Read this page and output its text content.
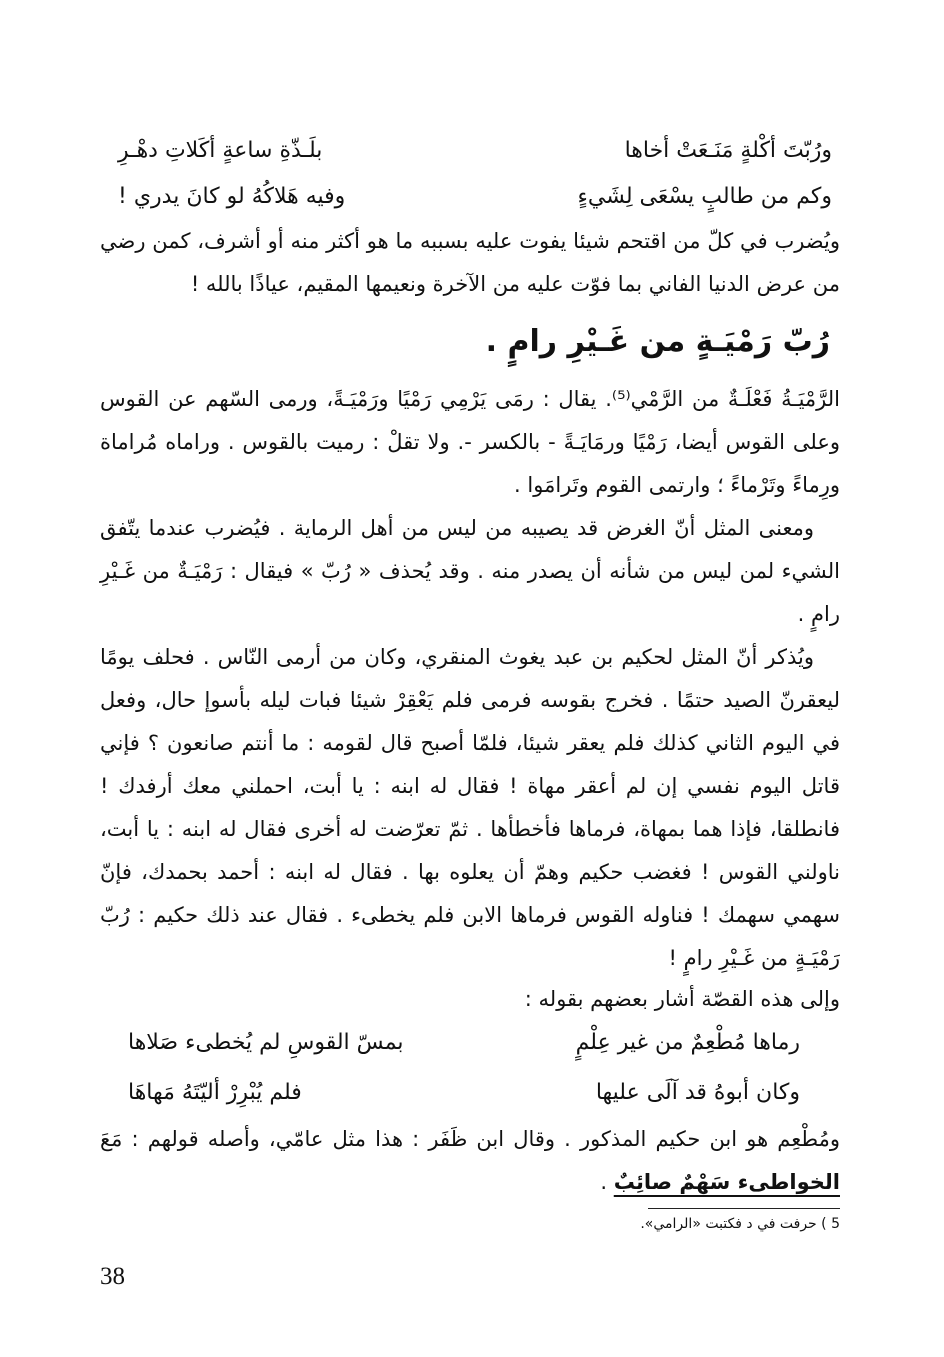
ورُبّتَ أكْلةٍ مَنَـعَتْ أخاها
بلَـذّةِ ساعةٍ أكَلاتِ دهْـرِ
وكم من طالبٍ يسْعَى لِشَيءٍ
وفيه هَلاكُهُ لو كانَ يدري !

ويُضرب في كلّ من اقتحم شيئا يفوت عليه بسببه ما هو أكثر منه أو أشرف، كمن رضي من عرض الدنيا الفاني بما فوّت عليه من الآخرة ونعيمها المقيم، عياذًا بالله !

رُبّ رَمْيَـةٍ من غَـيْرِ رامٍ .

الرَّمْيَـةُ فَعْلَـةٌ من الرَّمْي⁽⁵⁾. يقال : رمَى يَرْمِي رَمْيًا ورَمْيَـةً، ورمى السّهم عن القوس وعلى القوس أيضا، رَمْيًا ورمَايَـةً - بالكسر -. ولا تقلْ : رميت بالقوس . وراماه مُراماة ورِماءً وتَرْماءً ؛ وارتمى القوم وتَرامَوا .

ومعنى المثل أنّ الغرض قد يصيبه من ليس من أهل الرماية . فيُضرب عندما يتّفق الشيء لمن ليس من شأنه أن يصدر منه . وقد يُحذف « رُبّ » فيقال : رَمْيَـةٌ من غَـيْرِ رامٍ .

ويُذكر أنّ المثل لحكيم بن عبد يغوث المنقري، وكان من أرمى النّاس . فحلف يومًا ليعقرنّ الصيد حتمًا . فخرج بقوسه فرمى فلم يَعْقِرْ شيئا فبات ليله بأسوإ حال، وفعل في اليوم الثاني كذلك فلم يعقر شيئا، فلمّا أصبح قال لقومه : ما أنتم صانعون ؟ فإني قاتل اليوم نفسي إن لم أعقر مهاة ! فقال له ابنه : يا أبت، احملني معك أرفدك ! فانطلقا، فإذا هما بمهاة، فرماها فأخطأها . ثمّ تعرّضت له أخرى فقال له ابنه : يا أبت، ناولني القوس ! فغضب حكيم وهمّ أن يعلوه بها . فقال له ابنه : أحمد بحمدك، فإنّ سهمي سهمك ! فناوله القوس فرماها الابن فلم يخطىء . فقال عند ذلك حكيم : رُبّ رَمْيَـةٍ من غَـيْرِ رامٍ !

وإلى هذه القصّة أشار بعضهم بقوله :
رماها مُطْعِمٌ من غير عِلْمٍ
بمسّ القوسِ لم يُخطىء صَلاها
وكان أبوهُ قد آلَى عليها
فلم يُبْرِرْ أليّتَهُ مَهاهَا

ومُطْعِم هو ابن حكيم المذكور . وقال ابن ظَفَر : هذا مثل عامّي، وأصله قولهم : مَعَ الخواطىء سَهْمٌ صائِبٌ .

5 ) حرفت في د فكتبت «الرامي».
38
